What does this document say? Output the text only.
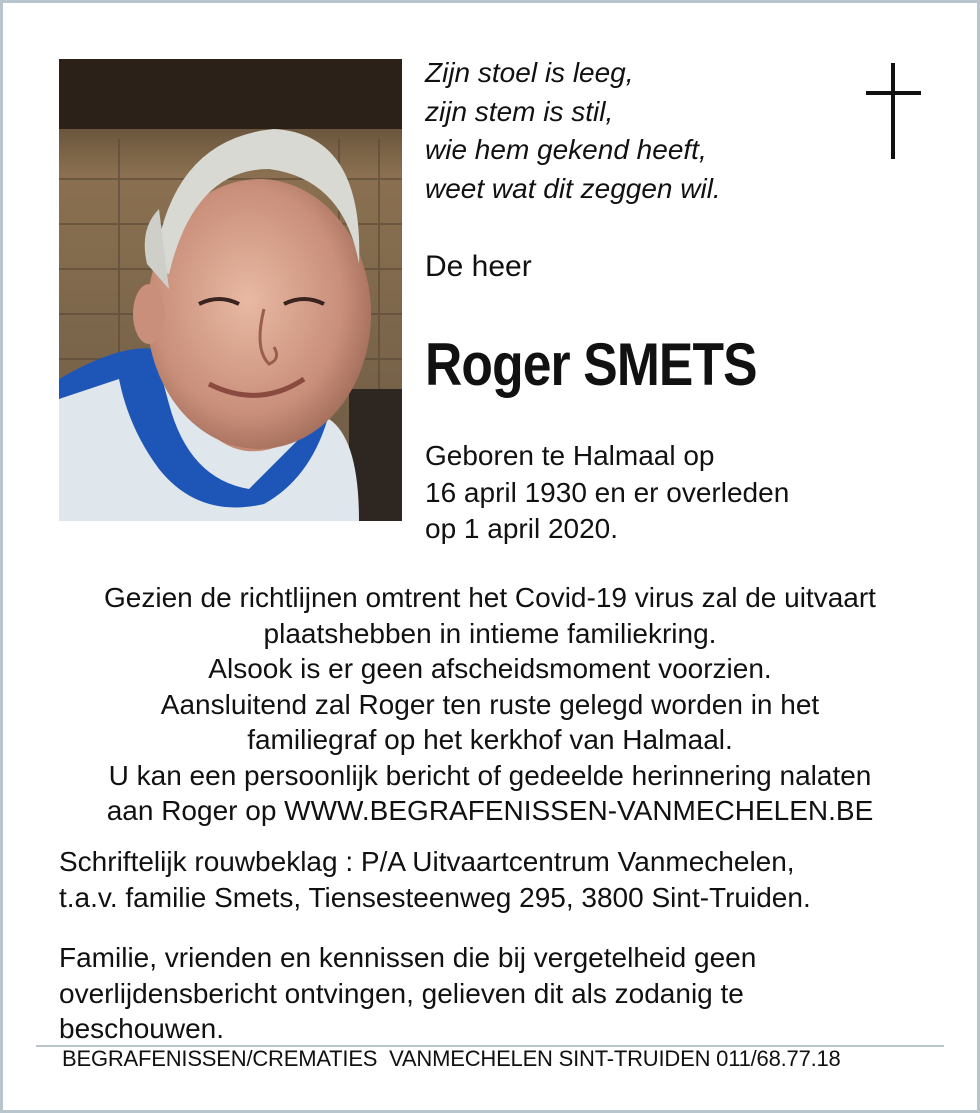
Zijn stoel is leeg,
zijn stem is stil,
wie hem gekend heeft,
weet wat dit zeggen wil.
De heer
Roger SMETS
Geboren te Halmaal op
16 april 1930 en er overleden
op 1 april 2020.
Gezien de richtlijnen omtrent het Covid-19 virus zal de uitvaart
plaatshebben in intieme familiekring.
Alsook is er geen afscheidsmoment voorzien.
Aansluitend zal Roger ten ruste gelegd worden in het
familiegraf op het kerkhof van Halmaal.
U kan een persoonlijk bericht of gedeelde herinnering nalaten
aan Roger op WWW.BEGRAFENISSEN-VANMECHELEN.BE
Schriftelijk rouwbeklag : P/A Uitvaartcentrum Vanmechelen,
t.a.v. familie Smets, Tiensesteenweg 295, 3800 Sint-Truiden.
Familie, vrienden en kennissen die bij vergetelheid geen
overlijdensbericht ontvingen, gelieven dit als zodanig te
beschouwen.
BEGRAFENISSEN/CREMATIES  VANMECHELEN SINT-TRUIDEN 011/68.77.18
